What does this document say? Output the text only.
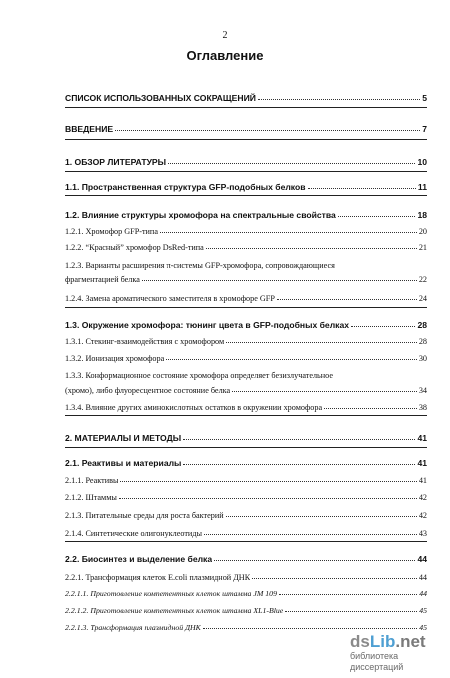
2
Оглавление
СПИСОК ИСПОЛЬЗОВАННЫХ СОКРАЩЕНИЙ	5
ВВЕДЕНИЕ	7
1. ОБЗОР ЛИТЕРАТУРЫ	10
1.1. Пространственная структура GFP-подобных белков	11
1.2. Влияние структуры хромофора на спектральные свойства	18
1.2.1. Хромофор GFP-типа	20
1.2.2. “Красный” хромофор DsRed-типа	21
1.2.3. Варианты расширения π-системы GFP-хромофора, сопровождающиеся
фрагментацией белка	22
1.2.4. Замена ароматического заместителя в хромофоре GFP	24
1.3. Окружение хромофора: тюнинг цвета в GFP-подобных белках	28
1.3.1. Стекинг-взаимодействия с хромофором	28
1.3.2. Ионизация хромофора	30
1.3.3. Конформационное состояние хромофора определяет безизлучательное
(хромо), либо флуоресцентное состояние белка	34
1.3.4. Влияние других аминокислотных остатков в окружении хромофора	38
2. МАТЕРИАЛЫ И МЕТОДЫ	41
2.1. Реактивы и материалы	41
2.1.1. Реактивы	41
2.1.2. Штаммы	42
2.1.3. Питательные среды для роста бактерий	42
2.1.4. Синтетические олигонуклеотиды	43
2.2. Биосинтез и выделение белка	44
2.2.1. Трансформация клеток E.coli плазмидной ДНК	44
2.2.1.1. Приготовление компетентных клеток штамма JM 109	44
2.2.1.2. Приготовление компетентных клеток штамма XL1-Blue	45
2.2.1.3. Трансформация плазмидной ДНК	45
dsLib.net
библиотека диссертаций
